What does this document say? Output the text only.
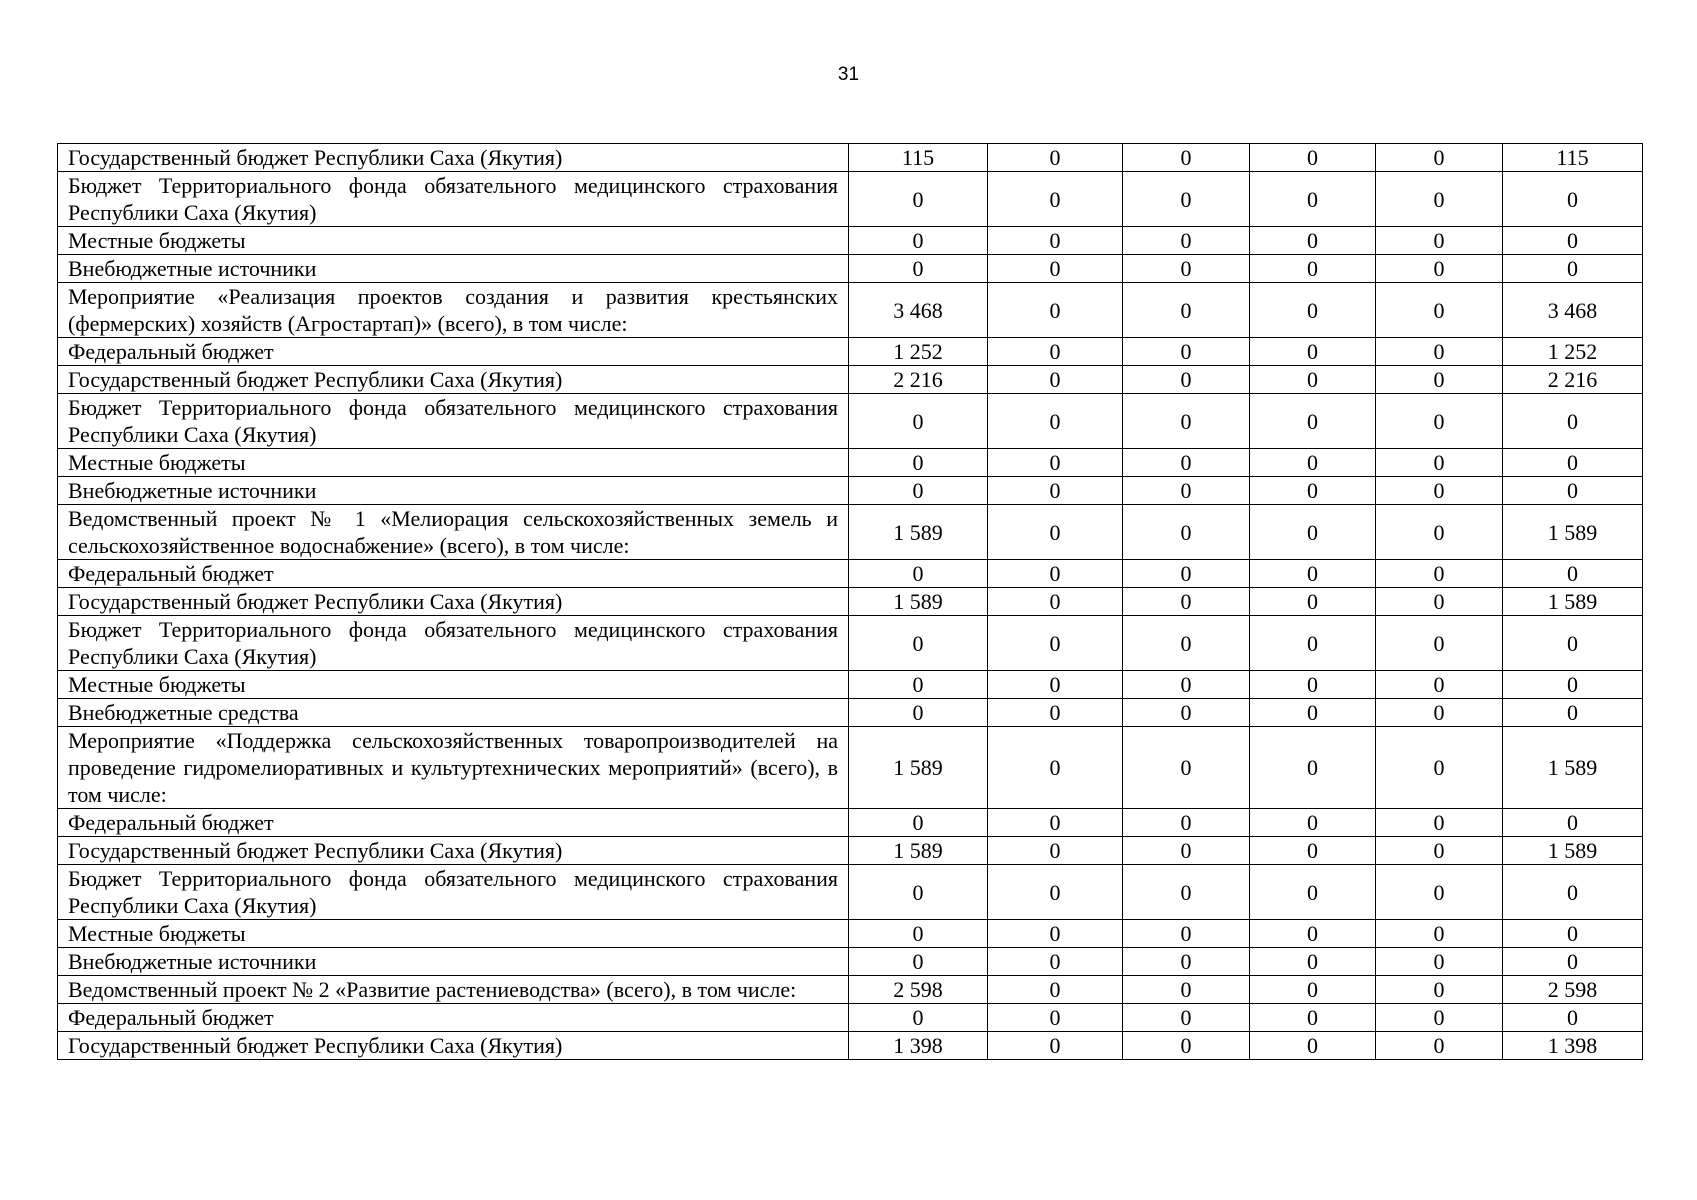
31
Государственный бюджет Республики Саха (Якутия)	115	0	0	0	0	115
Бюджет Территориального фонда обязательного медицинского страхования Республики Саха (Якутия)	0	0	0	0	0	0
Местные бюджеты	0	0	0	0	0	0
Внебюджетные источники	0	0	0	0	0	0
Мероприятие «Реализация проектов создания и развития крестьянских (фермерских) хозяйств (Агростартап)» (всего), в том числе:	3 468	0	0	0	0	3 468
Федеральный бюджет	1 252	0	0	0	0	1 252
Государственный бюджет Республики Саха (Якутия)	2 216	0	0	0	0	2 216
Бюджет Территориального фонда обязательного медицинского страхования Республики Саха (Якутия)	0	0	0	0	0	0
Местные бюджеты	0	0	0	0	0	0
Внебюджетные источники	0	0	0	0	0	0
Ведомственный проект № 1 «Мелиорация сельскохозяйственных земель и сельскохозяйственное водоснабжение» (всего), в том числе:	1 589	0	0	0	0	1 589
Федеральный бюджет	0	0	0	0	0	0
Государственный бюджет Республики Саха (Якутия)	1 589	0	0	0	0	1 589
Бюджет Территориального фонда обязательного медицинского страхования Республики Саха (Якутия)	0	0	0	0	0	0
Местные бюджеты	0	0	0	0	0	0
Внебюджетные средства	0	0	0	0	0	0
Мероприятие «Поддержка сельскохозяйственных товаропроизводителей на проведение гидромелиоративных и культуртехнических мероприятий» (всего), в том числе:	1 589	0	0	0	0	1 589
Федеральный бюджет	0	0	0	0	0	0
Государственный бюджет Республики Саха (Якутия)	1 589	0	0	0	0	1 589
Бюджет Территориального фонда обязательного медицинского страхования Республики Саха (Якутия)	0	0	0	0	0	0
Местные бюджеты	0	0	0	0	0	0
Внебюджетные источники	0	0	0	0	0	0
Ведомственный проект № 2 «Развитие растениеводства» (всего), в том числе:	2 598	0	0	0	0	2 598
Федеральный бюджет	0	0	0	0	0	0
Государственный бюджет Республики Саха (Якутия)	1 398	0	0	0	0	1 398
